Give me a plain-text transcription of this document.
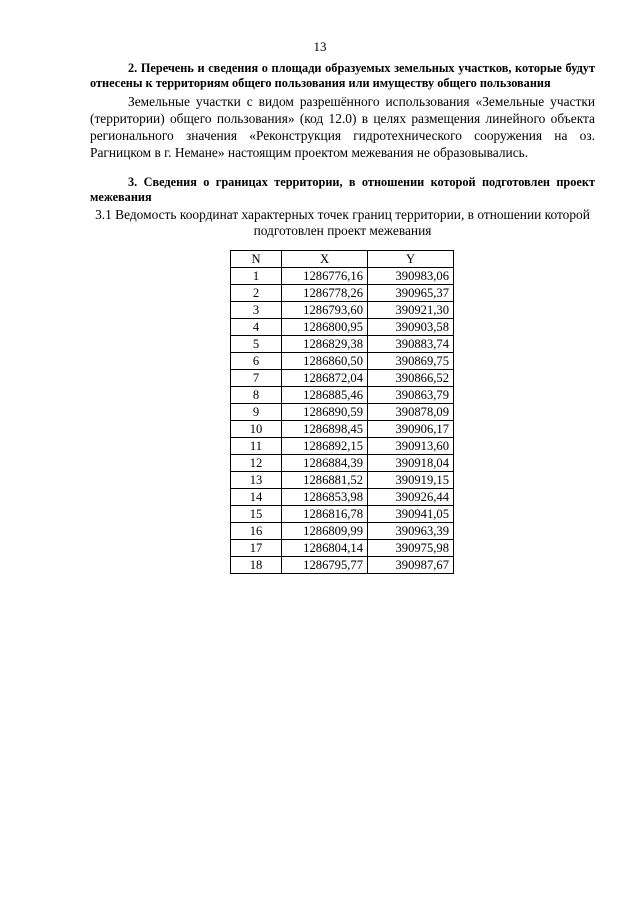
13

2. Перечень и сведения о площади образуемых земельных участков, которые будут отнесены к территориям общего пользования или имуществу общего пользования

Земельные участки с видом разрешённого использования «Земельные участки (территории) общего пользования» (код 12.0) в целях размещения линейного объекта регионального значения «Реконструкция гидротехнического сооружения на оз. Рагницком в г. Немане» настоящим проектом межевания не образовывались.

3. Сведения о границах территории, в отношении которой подготовлен проект межевания

3.1 Ведомость координат характерных точек границ территории, в отношении которой подготовлен проект межевания

N	X	Y
1	1286776,16	390983,06
2	1286778,26	390965,37
3	1286793,60	390921,30
4	1286800,95	390903,58
5	1286829,38	390883,74
6	1286860,50	390869,75
7	1286872,04	390866,52
8	1286885,46	390863,79
9	1286890,59	390878,09
10	1286898,45	390906,17
11	1286892,15	390913,60
12	1286884,39	390918,04
13	1286881,52	390919,15
14	1286853,98	390926,44
15	1286816,78	390941,05
16	1286809,99	390963,39
17	1286804,14	390975,98
18	1286795,77	390987,67
